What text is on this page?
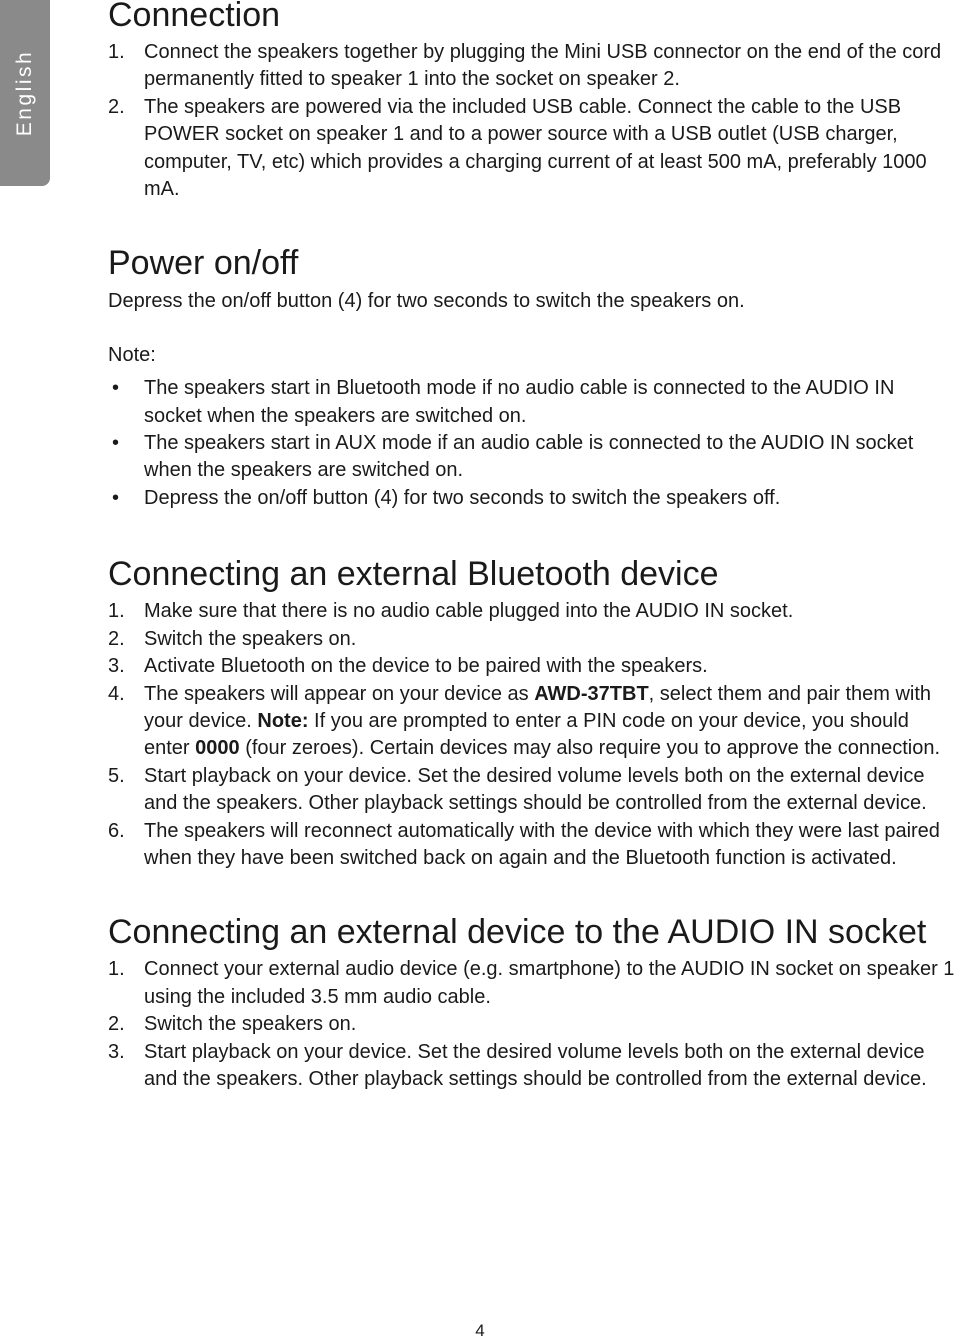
English
Connection
1. Connect the speakers together by plugging the Mini USB connector on the end of the cord permanently fitted to speaker 1 into the socket on speaker 2.
2. The speakers are powered via the included USB cable. Connect the cable to the USB POWER socket on speaker 1 and to a power source with a USB outlet (USB charger, computer, TV, etc) which provides a charging current of at least 500 mA, preferably 1000 mA.
Power on/off

Depress the on/off button (4) for two seconds to switch the speakers on.

Note:
• The speakers start in Bluetooth mode if no audio cable is connected to the AUDIO IN socket when the speakers are switched on.
• The speakers start in AUX mode if an audio cable is connected to the AUDIO IN socket when the speakers are switched on.
• Depress the on/off button (4) for two seconds to switch the speakers off.
Connecting an external Bluetooth device
1. Make sure that there is no audio cable plugged into the AUDIO IN socket.
2. Switch the speakers on.
3. Activate Bluetooth on the device to be paired with the speakers.
4. The speakers will appear on your device as AWD-37TBT, select them and pair them with your device. Note: If you are prompted to enter a PIN code on your device, you should enter 0000 (four zeroes). Certain devices may also require you to approve the connection.
5. Start playback on your device. Set the desired volume levels both on the external device and the speakers. Other playback settings should be controlled from the external device.
6. The speakers will reconnect automatically with the device with which they were last paired when they have been switched back on again and the Bluetooth function is activated.
Connecting an external device to the AUDIO IN socket
1. Connect your external audio device (e.g. smartphone) to the AUDIO IN socket on speaker 1 using the included 3.5 mm audio cable.
2. Switch the speakers on.
3. Start playback on your device. Set the desired volume levels both on the external device and the speakers. Other playback settings should be controlled from the external device.
4
